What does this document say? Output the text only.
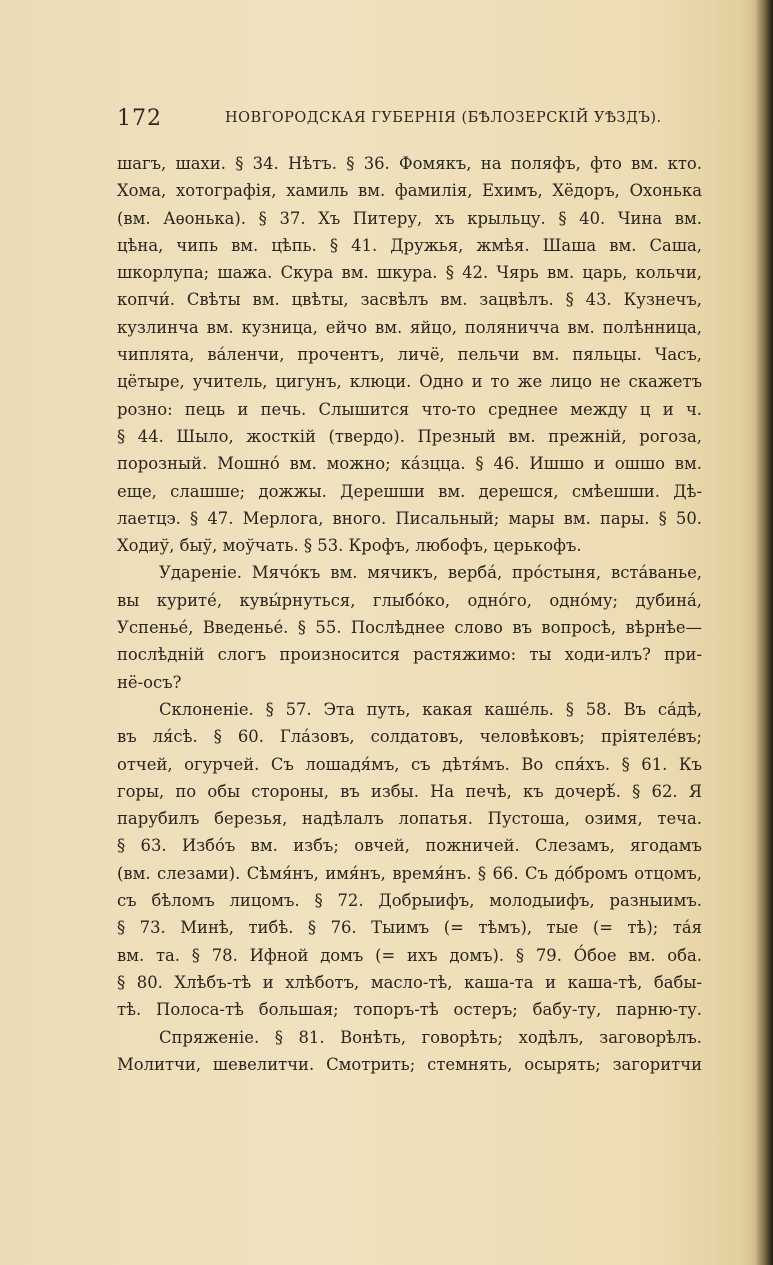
172	НОВГОРОДСКАЯ ГУБЕРНІЯ (БѢЛОЗЕРСКІЙ УѢЗДЪ).
шагъ, шахи. § 34. Нѣтъ. § 36. Фомякъ, на поляфъ, фто вм. кто.
Хома, хотографія, хамиль вм. фамилія, Ехимъ, Хёдоръ, Охонька
(вм. Аѳонька). § 37. Хъ Питеру, хъ крыльцу. § 40. Чина вм.
цѣна, чипь вм. цѣпь. § 41. Дружья, жмѣя. Шаша вм. Саша,
шкорлупа; шажа. Скура вм. шкура. § 42. Чярь вм. царь, кольчи,
копчи́. Свѣты вм. цвѣты, засвѣлъ вм. зацвѣлъ. § 43. Кузнечъ,
кузлинча вм. кузница, ейчо вм. яйцо, поляничча вм. полѣнница,
чиплята, ва́ленчи, прочентъ, личё, пельчи вм. пяльцы. Часъ,
цётыре, учитель, цигунъ, клюци. Одно и то же лицо не скажетъ
розно: пець и печь. Слышится что-то среднее между ц и ч.
§ 44. Шыло, жосткій (твердо). Презный вм. прежній, рогоза,
порозный. Мошно́ вм. можно; ка́зцца. § 46. Ишшо и ошшо вм.
еще, слашше; дожжы. Дерешши вм. дерешся, смѣешши. Дѣ-
лаетцэ. § 47. Мерлога, вного. Писальный; мары вм. пары. § 50.
Ходиў, быў, моўчать. § 53. Крофъ, любофъ, церькофъ.
Ударенie. Мячо́къ вм. мячикъ, верба́, про́стыня, вста́ванье,
вы курите́, кувы́рнуться, глыбо́ко, одно́го, одно́му; дубина́,
Успенье́, Введенье́. § 55. Послѣднее слово въ вопросѣ, вѣрнѣе—
послѣдній слогъ произносится растяжимо: ты ходи-илъ? при-
нё-осъ?
Склоненiе. § 57. Эта путь, какая каше́ль. § 58. Въ са́дѣ,
въ ля́сѣ. § 60. Гла́зовъ, солдатовъ, человѣковъ; пріятеле́въ;
отчей, огурчей. Съ лошадя́мъ, съ дѣтя́мъ. Во спя́хъ. § 61. Къ
горы, по обы стороны, въ избы. На печѣ, къ дочерѣ́. § 62. Я
парубилъ березья, надѣлалъ лопатья. Пустоша, озимя, теча.
§ 63. Избо́ъ вм. избъ; овчей, пожничей. Слезамъ, ягодамъ
(вм. слезами). Сѣмя́нъ, имя́нъ, время́нъ. § 66. Съ до́бромъ отцомъ,
съ бѣломъ лицомъ. § 72. Добрыифъ, молодыифъ, разныимъ.
§ 73. Минѣ, тибѣ. § 76. Тыимъ (= тѣмъ), тые (= тѣ); та́я
вм. та. § 78. Ифной домъ (= ихъ домъ). § 79. О́бое вм. оба.
§ 80. Хлѣбъ-тѣ и хлѣботъ, масло-тѣ, каша-та и каша-тѣ, бабы-
тѣ. Полоса-тѣ большая; топоръ-тѣ остеръ; бабу-ту, парню-ту.
Спряженie. § 81. Вонѣть, говорѣть; ходѣлъ, заговорѣлъ.
Молитчи, шевелитчи. Смотрить; стемнять, осырять; загоритчи
